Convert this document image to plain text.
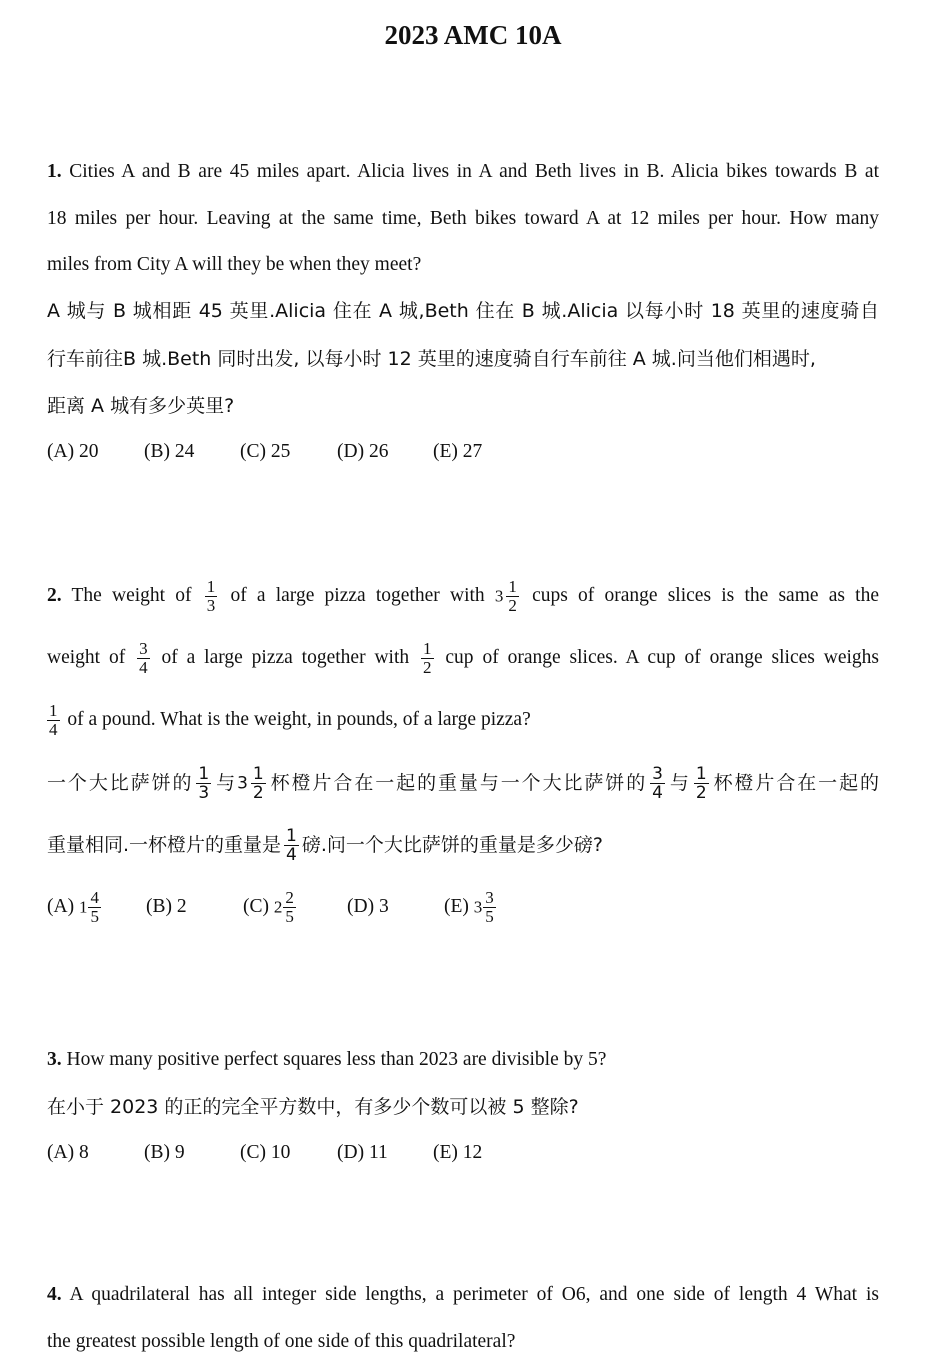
2023 AMC 10A
1. Cities A and B are 45 miles apart. Alicia lives in A and Beth lives in B. Alicia bikes towards B at
18 miles per hour. Leaving at the same time, Beth bikes toward A at 12 miles per hour. How many
miles from City A will they be when they meet?
A 城与 B 城相距 45 英里.Alicia 住在 A 城,Beth 住在 B 城.Alicia 以每小时 18 英里的速度骑自
行车前往B 城.Beth 同时出发, 以每小时 12 英里的速度骑自行车前往 A 城.问当他们相遇时,
距离 A 城有多少英里?
(A) 20 (B) 24 (C) 25 (D) 26 (E) 27
2. The weight of $\frac{1}{3}$ of a large pizza together with $3 \frac{1}{2}$ cups of orange slices is the same as the
weight of $\frac{3}{4}$ of a large pizza together with $\frac{1}{2}$ cup of orange slices. A cup of orange slices weighs
$\frac{1}{4}$ of a pound. What is the weight, in pounds, of a large pizza?
一个大比萨饼的 $\frac{1}{3}$ 与$3 \frac{1}{2}$ 杯橙片合在一起的重量与一个大比萨饼的 $\frac{3}{4}$ 与 $\frac{1}{2}$ 杯橙片合在一起的
重量相同.一杯橙片的重量是 $\frac{1}{4}$ 磅.问一个大比萨饼的重量是多少磅?
(A) $1 \frac{4}{5} (B)$ 2	(C) $2 \frac{2}{5}$	(D) 3	(E) $3 \frac{3}{5}$
3. How many positive perfect squares less than 2023 are divisible by 5?
在小于 2023 的正的完全平方数中，有多少个数可以被 5 整除?
(A) 8	(B) 9	(C) 10 (D) 11 (E) 12
4. A quadrilateral has all integer side lengths, a perimeter of O6, and one side of length 4 What is
the greatest possible length of one side of this quadrilateral?
